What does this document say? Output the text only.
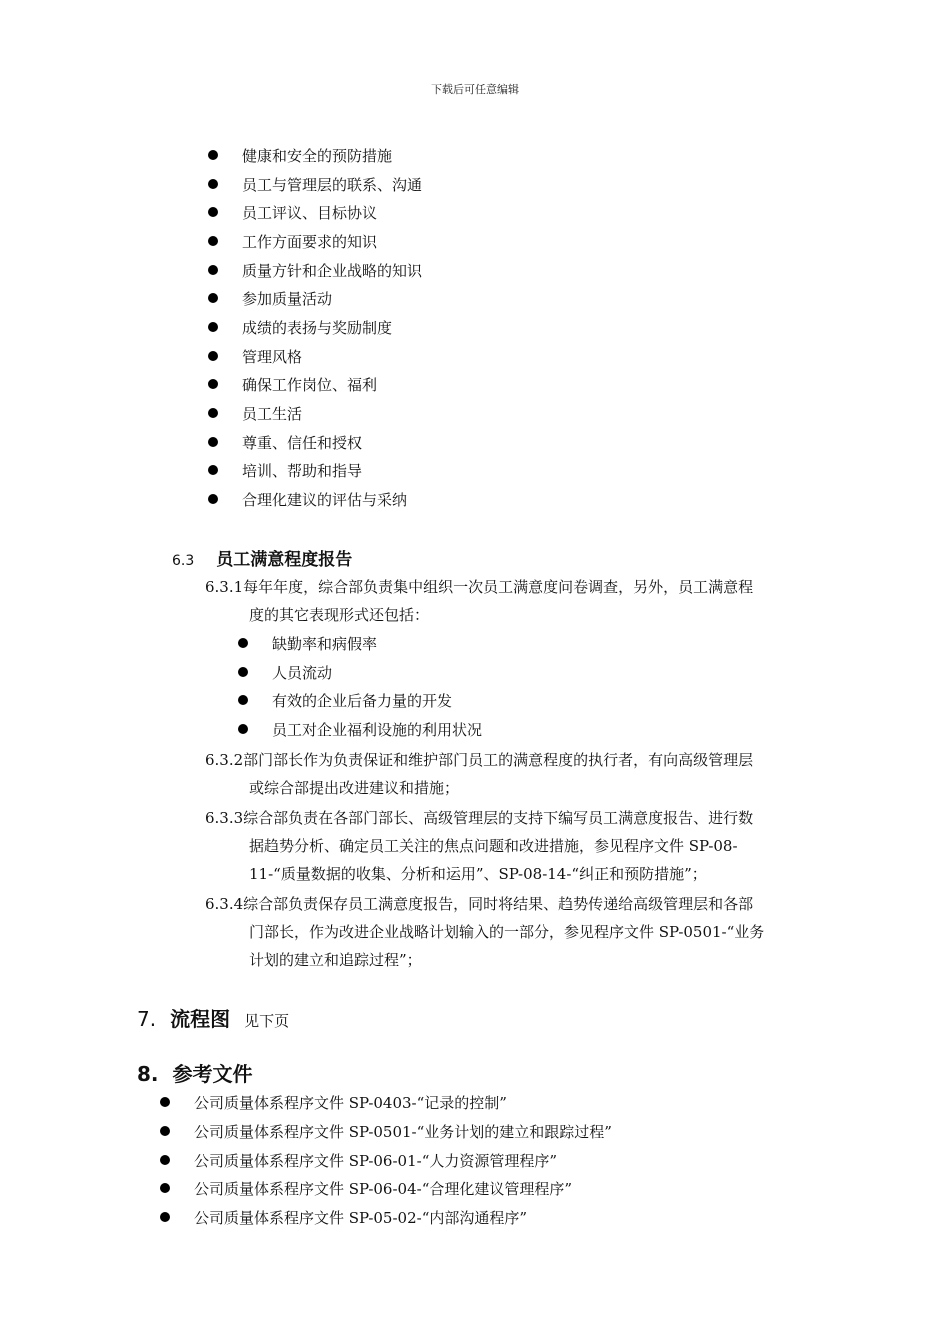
下载后可任意编辑
健康和安全的预防措施
员工与管理层的联系、沟通
员工评议、目标协议
工作方面要求的知识
质量方针和企业战略的知识
参加质量活动
成绩的表扬与奖励制度
管理风格
确保工作岗位、福利
员工生活
尊重、信任和授权
培训、帮助和指导
合理化建议的评估与采纳
6.3 员工满意程度报告
6.3.1每年年度，综合部负责集中组织一次员工满意度问卷调查，另外，员工满意程
度的其它表现形式还包括：
缺勤率和病假率
人员流动
有效的企业后备力量的开发
员工对企业福利设施的利用状况
6.3.2部门部长作为负责保证和维护部门员工的满意程度的执行者，有向高级管理层
或综合部提出改进建议和措施；
6.3.3综合部负责在各部门部长、高级管理层的支持下编写员工满意度报告、进行数
据趋势分析、确定员工关注的焦点问题和改进措施，参见程序文件 SP-08-
11-“质量数据的收集、分析和运用”、SP-08-14-“纠正和预防措施”；
6.3.4综合部负责保存员工满意度报告，同时将结果、趋势传递给高级管理层和各部
门部长，作为改进企业战略计划输入的一部分，参见程序文件 SP-0501-“业务
计划的建立和追踪过程”；
7. 流程图 见下页
8. 参考文件
公司质量体系程序文件 SP-0403-“记录的控制”
公司质量体系程序文件 SP-0501-“业务计划的建立和跟踪过程”
公司质量体系程序文件 SP-06-01-“人力资源管理程序”
公司质量体系程序文件 SP-06-04-“合理化建议管理程序”
公司质量体系程序文件 SP-05-02-“内部沟通程序”
